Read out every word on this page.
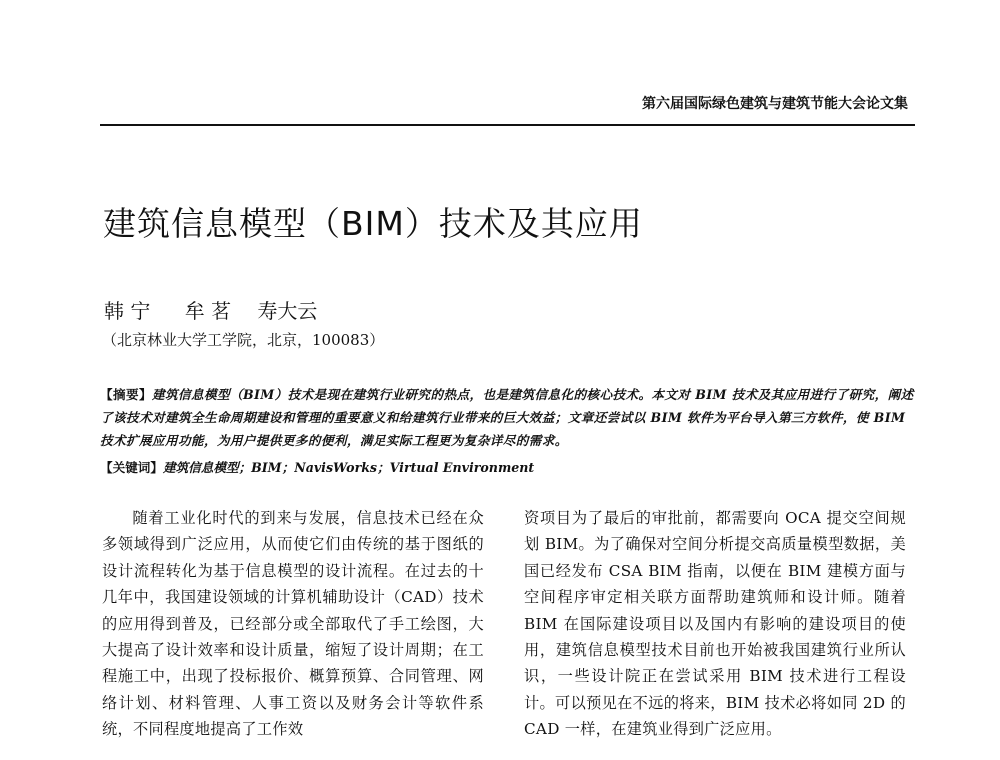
第六届国际绿色建筑与建筑节能大会论文集
建筑信息模型（BIM）技术及其应用
韩 宁 牟 茗 寿大云
（北京林业大学工学院，北京，100083）
【摘要】建筑信息模型（BIM）技术是现在建筑行业研究的热点，也是建筑信息化的核心技术。本文对 BIM 技术及其应用进行了研究，阐述了该技术对建筑全生命周期建设和管理的重要意义和给建筑行业带来的巨大效益；文章还尝试以 BIM 软件为平台导入第三方软件，使 BIM 技术扩展应用功能，为用户提供更多的便利，满足实际工程更为复杂详尽的需求。
【关键词】建筑信息模型；BIM；NavisWorks；Virtual Environment

随着工业化时代的到来与发展，信息技术已经在众多领域得到广泛应用，从而使它们由传统的基于图纸的设计流程转化为基于信息模型的设计流程。在过去的十几年中，我国建设领域的计算机辅助设计（CAD）技术的应用得到普及，已经部分或全部取代了手工绘图，大大提高了设计效率和设计质量，缩短了设计周期；在工程施工中，出现了投标报价、概算预算、合同管理、网络计划、材料管理、人事工资以及财务会计等软件系统，不同程度地提高了工作效

资项目为了最后的审批前，都需要向 OCA 提交空间规划 BIM。为了确保对空间分析提交高质量模型数据，美国已经发布 CSA BIM 指南，以便在 BIM 建模方面与空间程序审定相关联方面帮助建筑师和设计师。随着 BIM 在国际建设项目以及国内有影响的建设项目的使用，建筑信息模型技术目前也开始被我国建筑行业所认识，一些设计院正在尝试采用 BIM 技术进行工程设计。可以预见在不远的将来，BIM 技术必将如同 2D 的 CAD 一样，在建筑业得到广泛应用。
